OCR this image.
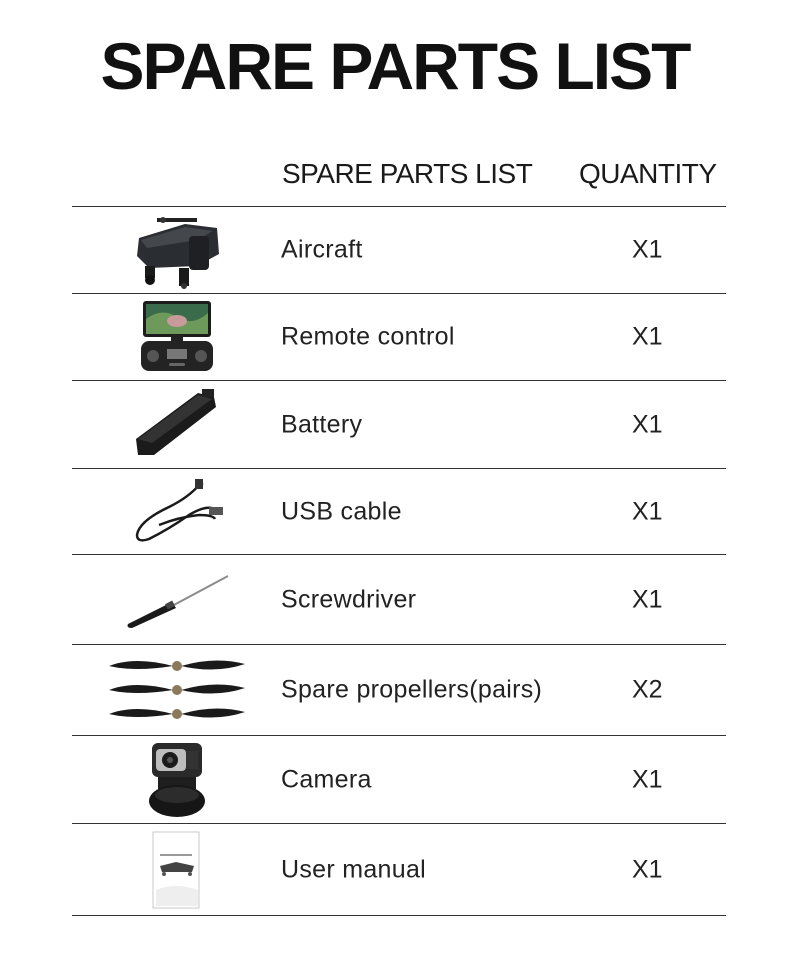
SPARE PARTS LIST
SPARE PARTS LIST QUANTITY
Aircraft	X1
Remote control	X1
Battery	X1
USB cable	X1
Screwdriver	X1
Spare propellers(pairs)	X2
Camera	X1
User manual	X1
